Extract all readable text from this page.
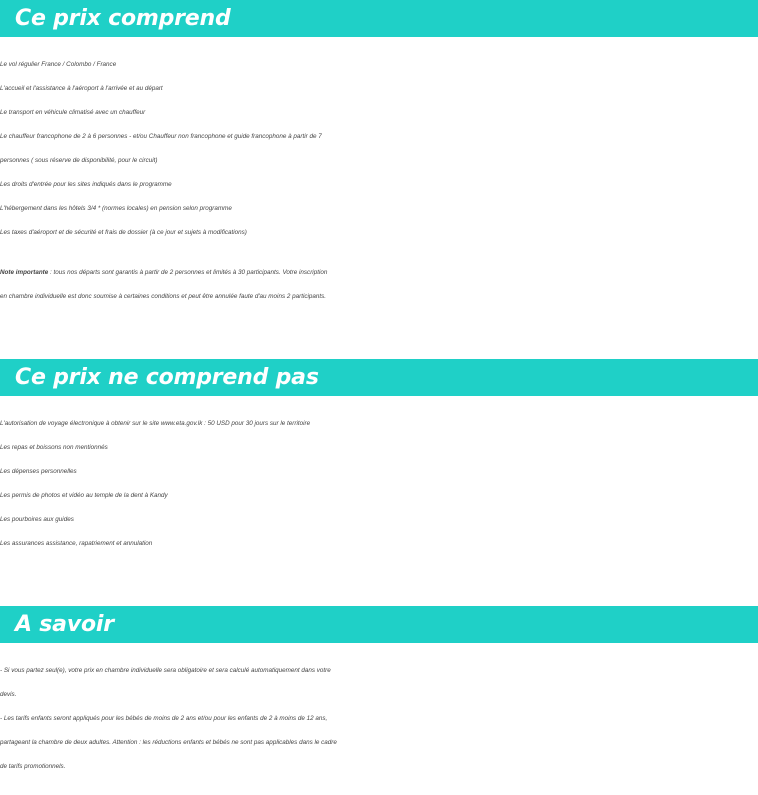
Ce prix comprend
Le vol régulier France / Colombo / France
L'accueil et l'assistance à l'aéroport à l'arrivée et au départ
Le transport en véhicule climatisé avec un chauffeur
Le chauffeur francophone de 2 à 6 personnes - et/ou Chauffeur non francophone et guide francophone à partir de 7
personnes ( sous réserve de disponibilité, pour le circuit)
Les droits d'entrée pour les sites indiqués dans le programme
L'hébergement dans les hôtels 3/4 * (normes locales) en pension selon programme
Les taxes d'aéroport et de sécurité et frais de dossier (à ce jour et sujets à modifications)
Note importante : tous nos départs sont garantis à partir de 2 personnes et limités à 30 participants. Votre inscription
en chambre individuelle est donc soumise à certaines conditions et peut être annulée faute d'au moins 2 participants.
Ce prix ne comprend pas
L'autorisation de voyage électronique à obtenir sur le site www.eta.gov.lk : 50 USD pour 30 jours sur le territoire
Les repas et boissons non mentionnés
Les dépenses personnelles
Les permis de photos et vidéo au temple de la dent à Kandy
Les pourboires aux guides
Les assurances assistance, rapatriement et annulation
A savoir
- Si vous partez seul(e), votre prix en chambre individuelle sera obligatoire et sera calculé automatiquement dans votre
devis.
- Les tarifs enfants seront appliqués pour les bébés de moins de 2 ans et/ou pour les enfants de 2 à moins de 12 ans,
partageant la chambre de deux adultes. Attention : les réductions enfants et bébés ne sont pas applicables dans le cadre
de tarifs promotionnels.
